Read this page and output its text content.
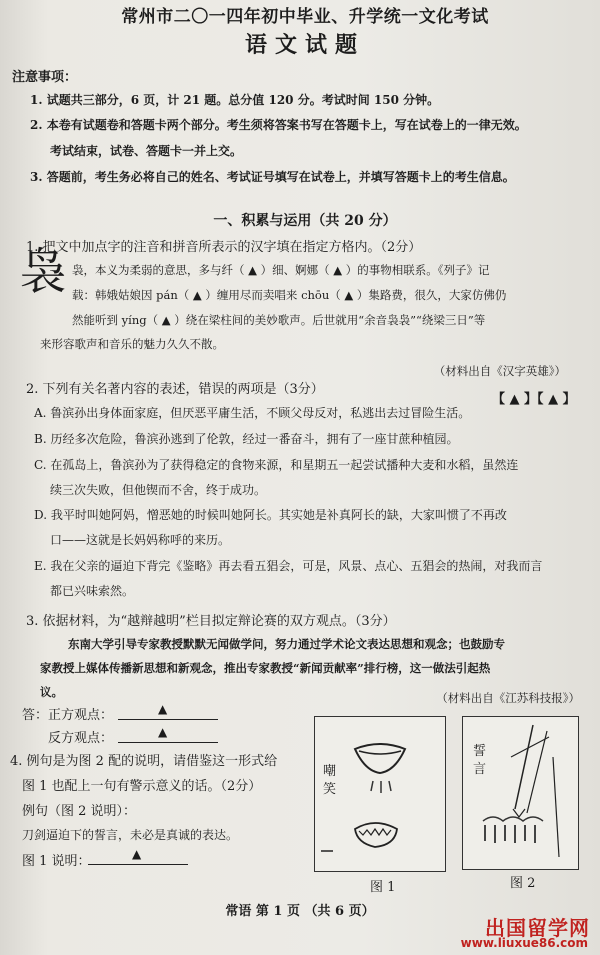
常州市二〇一四年初中毕业、升学统一文化考试
语文试题
注意事项：
1. 试题共三部分，6 页，计 21 题。总分值 120 分。考试时间 150 分钟。
2. 本卷有试题卷和答题卡两个部分。考生须将答案书写在答题卡上，写在试卷上的一律无效。
考试结束，试卷、答题卡一并上交。
3. 答题前，考生务必将自己的姓名、考试证号填写在试卷上，并填写答题卡上的考生信息。
一、积累与运用（共 20 分）
1. 把文中加点字的注音和拼音所表示的汉字填在指定方格内。（2分）
袅 袅，本义为柔弱的意思，多与纤（ ▲ ）细、婀娜（ ▲ ）的事物相联系。《列子》记
载：韩娥姑娘因 pán（ ▲ ）缠用尽而卖唱来 chōu（ ▲ ）集路费，很久，大家仿佛仍
然能听到 yíng（ ▲ ）绕在梁柱间的美妙歌声。后世就用“余音袅袅”“绕梁三日”等
来形容歌声和音乐的魅力久久不散。
（材料出自《汉字英雄》）
2. 下列有关名著内容的表述，错误的两项是（3分）
【 ▲ 】【 ▲ 】
A. 鲁滨孙出身体面家庭，但厌恶平庸生活，不顾父母反对，私逃出去过冒险生活。
B. 历经多次危险，鲁滨孙逃到了伦敦，经过一番奋斗，拥有了一座甘蔗种植园。
C. 在孤岛上，鲁滨孙为了获得稳定的食物来源，和星期五一起尝试播种大麦和水稻，虽然连
续三次失败，但他锲而不舍，终于成功。
D. 我平时叫她阿妈，憎恶她的时候叫她阿长。其实她是补真阿长的缺，大家叫惯了不再改
口——这就是长妈妈称呼的来历。
E. 我在父亲的逼迫下背完《鉴略》再去看五猖会，可是，风景、点心、五猖会的热闹，对我而言
都已兴味索然。
3. 依据材料，为“越辩越明”栏目拟定辩论赛的双方观点。（3分）
东南大学引导专家教授默默无闻做学问，努力通过学术论文表达思想和观念；也鼓励专
家教授上媒体传播新思想和新观念，推出专家教授“新闻贡献率”排行榜，这一做法引起热
议。	（材料出自《江苏科技报》）
答：正方观点：	▲
反方观点：	▲
4. 例句是为图 2 配的说明，请借鉴这一形式给
图 1 也配上一句有警示意义的话。（2分）
例句（图 2 说明）：
刀剑逼迫下的誓言，未必是真诚的表达。
图 1 说明：	▲
嘲笑
图 1
誓言
图 2
常语 第 1 页 （共 6 页）
出国留学网
www.liuxue86.com
